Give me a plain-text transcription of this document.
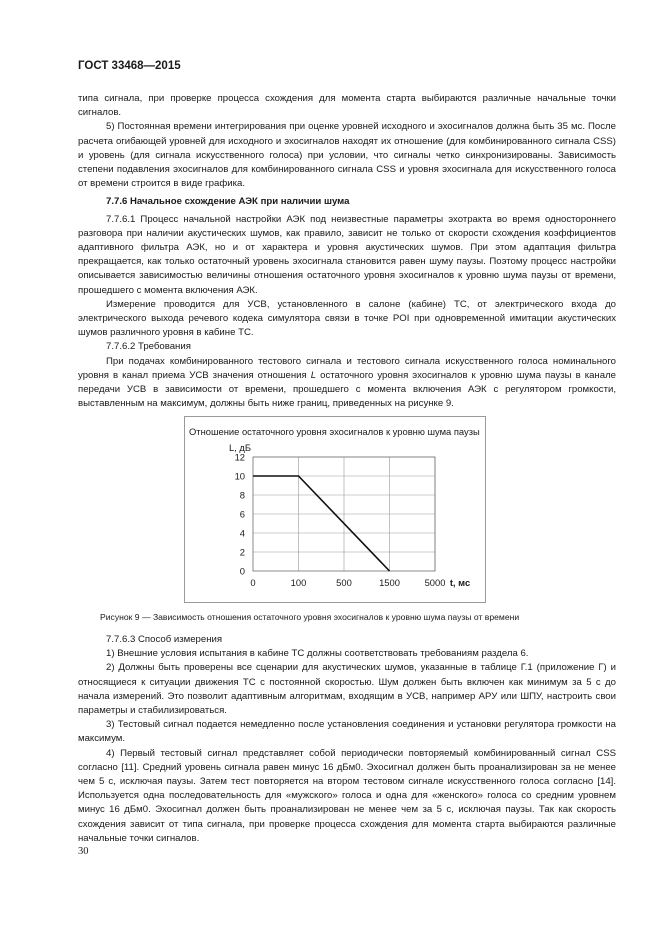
ГОСТ 33468—2015

типа сигнала, при проверке процесса схождения для момента старта выбираются различные начальные точки сигналов.

5) Постоянная времени интегрирования при оценке уровней исходного и эхосигналов должна быть 35 мс. После расчета огибающей уровней для исходного и эхосигналов находят их отношение (для комбинированного сигнала CSS) и уровень (для сигнала искусственного голоса) при условии, что сигналы четко синхронизированы. Зависимость степени подавления эхосигналов для комбинированного сигнала CSS и уровня эхосигнала для искусственного голоса от времени строится в виде графика.

7.7.6 Начальное схождение АЭК при наличии шума

7.7.6.1 Процесс начальной настройки АЭК под неизвестные параметры эхотракта во время одностороннего разговора при наличии акустических шумов, как правило, зависит не только от скорости схождения коэффициентов адаптивного фильтра АЭК, но и от характера и уровня акустических шумов. При этом адаптация фильтра прекращается, как только остаточный уровень эхосигнала становится равен шуму паузы. Поэтому процесс настройки описывается зависимостью величины отношения остаточного уровня эхосигналов к уровню шума паузы от времени, прошедшего с момента включения АЭК.

Измерение проводится для УСВ, установленного в салоне (кабине) ТС, от электрического входа до электрического выхода речевого кодека симулятора связи в точке POI при одновременной имитации акустических шумов различного уровня в кабине ТС.

7.7.6.2 Требования

При подачах комбинированного тестового сигнала и тестового сигнала искусственного голоса номинального уровня в канал приема УСВ значения отношения L остаточного уровня эхосигналов к уровню шума паузы в канале передачи УСВ в зависимости от времени, прошедшего с момента включения АЭК с регулятором громкости, выставленным на максимум, должны быть ниже границ, приведенных на рисунке 9.

Отношение остаточного уровня эхосигналов к уровню шума паузы
L, дБ
0
2
4
6
8
10
12
0	100	500	1500	5000 t, мс
Рисунок 9 — Зависимость отношения остаточного уровня эхосигналов к уровню шума паузы от времени

7.7.6.3 Способ измерения

1) Внешние условия испытания в кабине ТС должны соответствовать требованиям раздела 6.

2) Должны быть проверены все сценарии для акустических шумов, указанные в таблице Г.1 (приложение Г) и относящиеся к ситуации движения ТС с постоянной скоростью. Шум должен быть включен как минимум за 5 с до начала измерений. Это позволит адаптивным алгоритмам, входящим в УСВ, например АРУ или ШПУ, настроить свои параметры и стабилизироваться.

3) Тестовый сигнал подается немедленно после установления соединения и установки регулятора громкости на максимум.

4) Первый тестовый сигнал представляет собой периодически повторяемый комбинированный сигнал CSS согласно [11]. Средний уровень сигнала равен минус 16 дБм0. Эхосигнал должен быть проанализирован за не менее чем 5 с, исключая паузы. Затем тест повторяется на втором тестовом сигнале искусственного голоса согласно [14]. Используется одна последовательность для «мужского» голоса и одна для «женского» голоса со средним уровнем минус 16 дБм0. Эхосигнал должен быть проанализирован не менее чем за 5 с, исключая паузы. Так как скорость схождения зависит от типа сигнала, при проверке процесса схождения для момента старта выбираются различные начальные точки сигналов.

30
